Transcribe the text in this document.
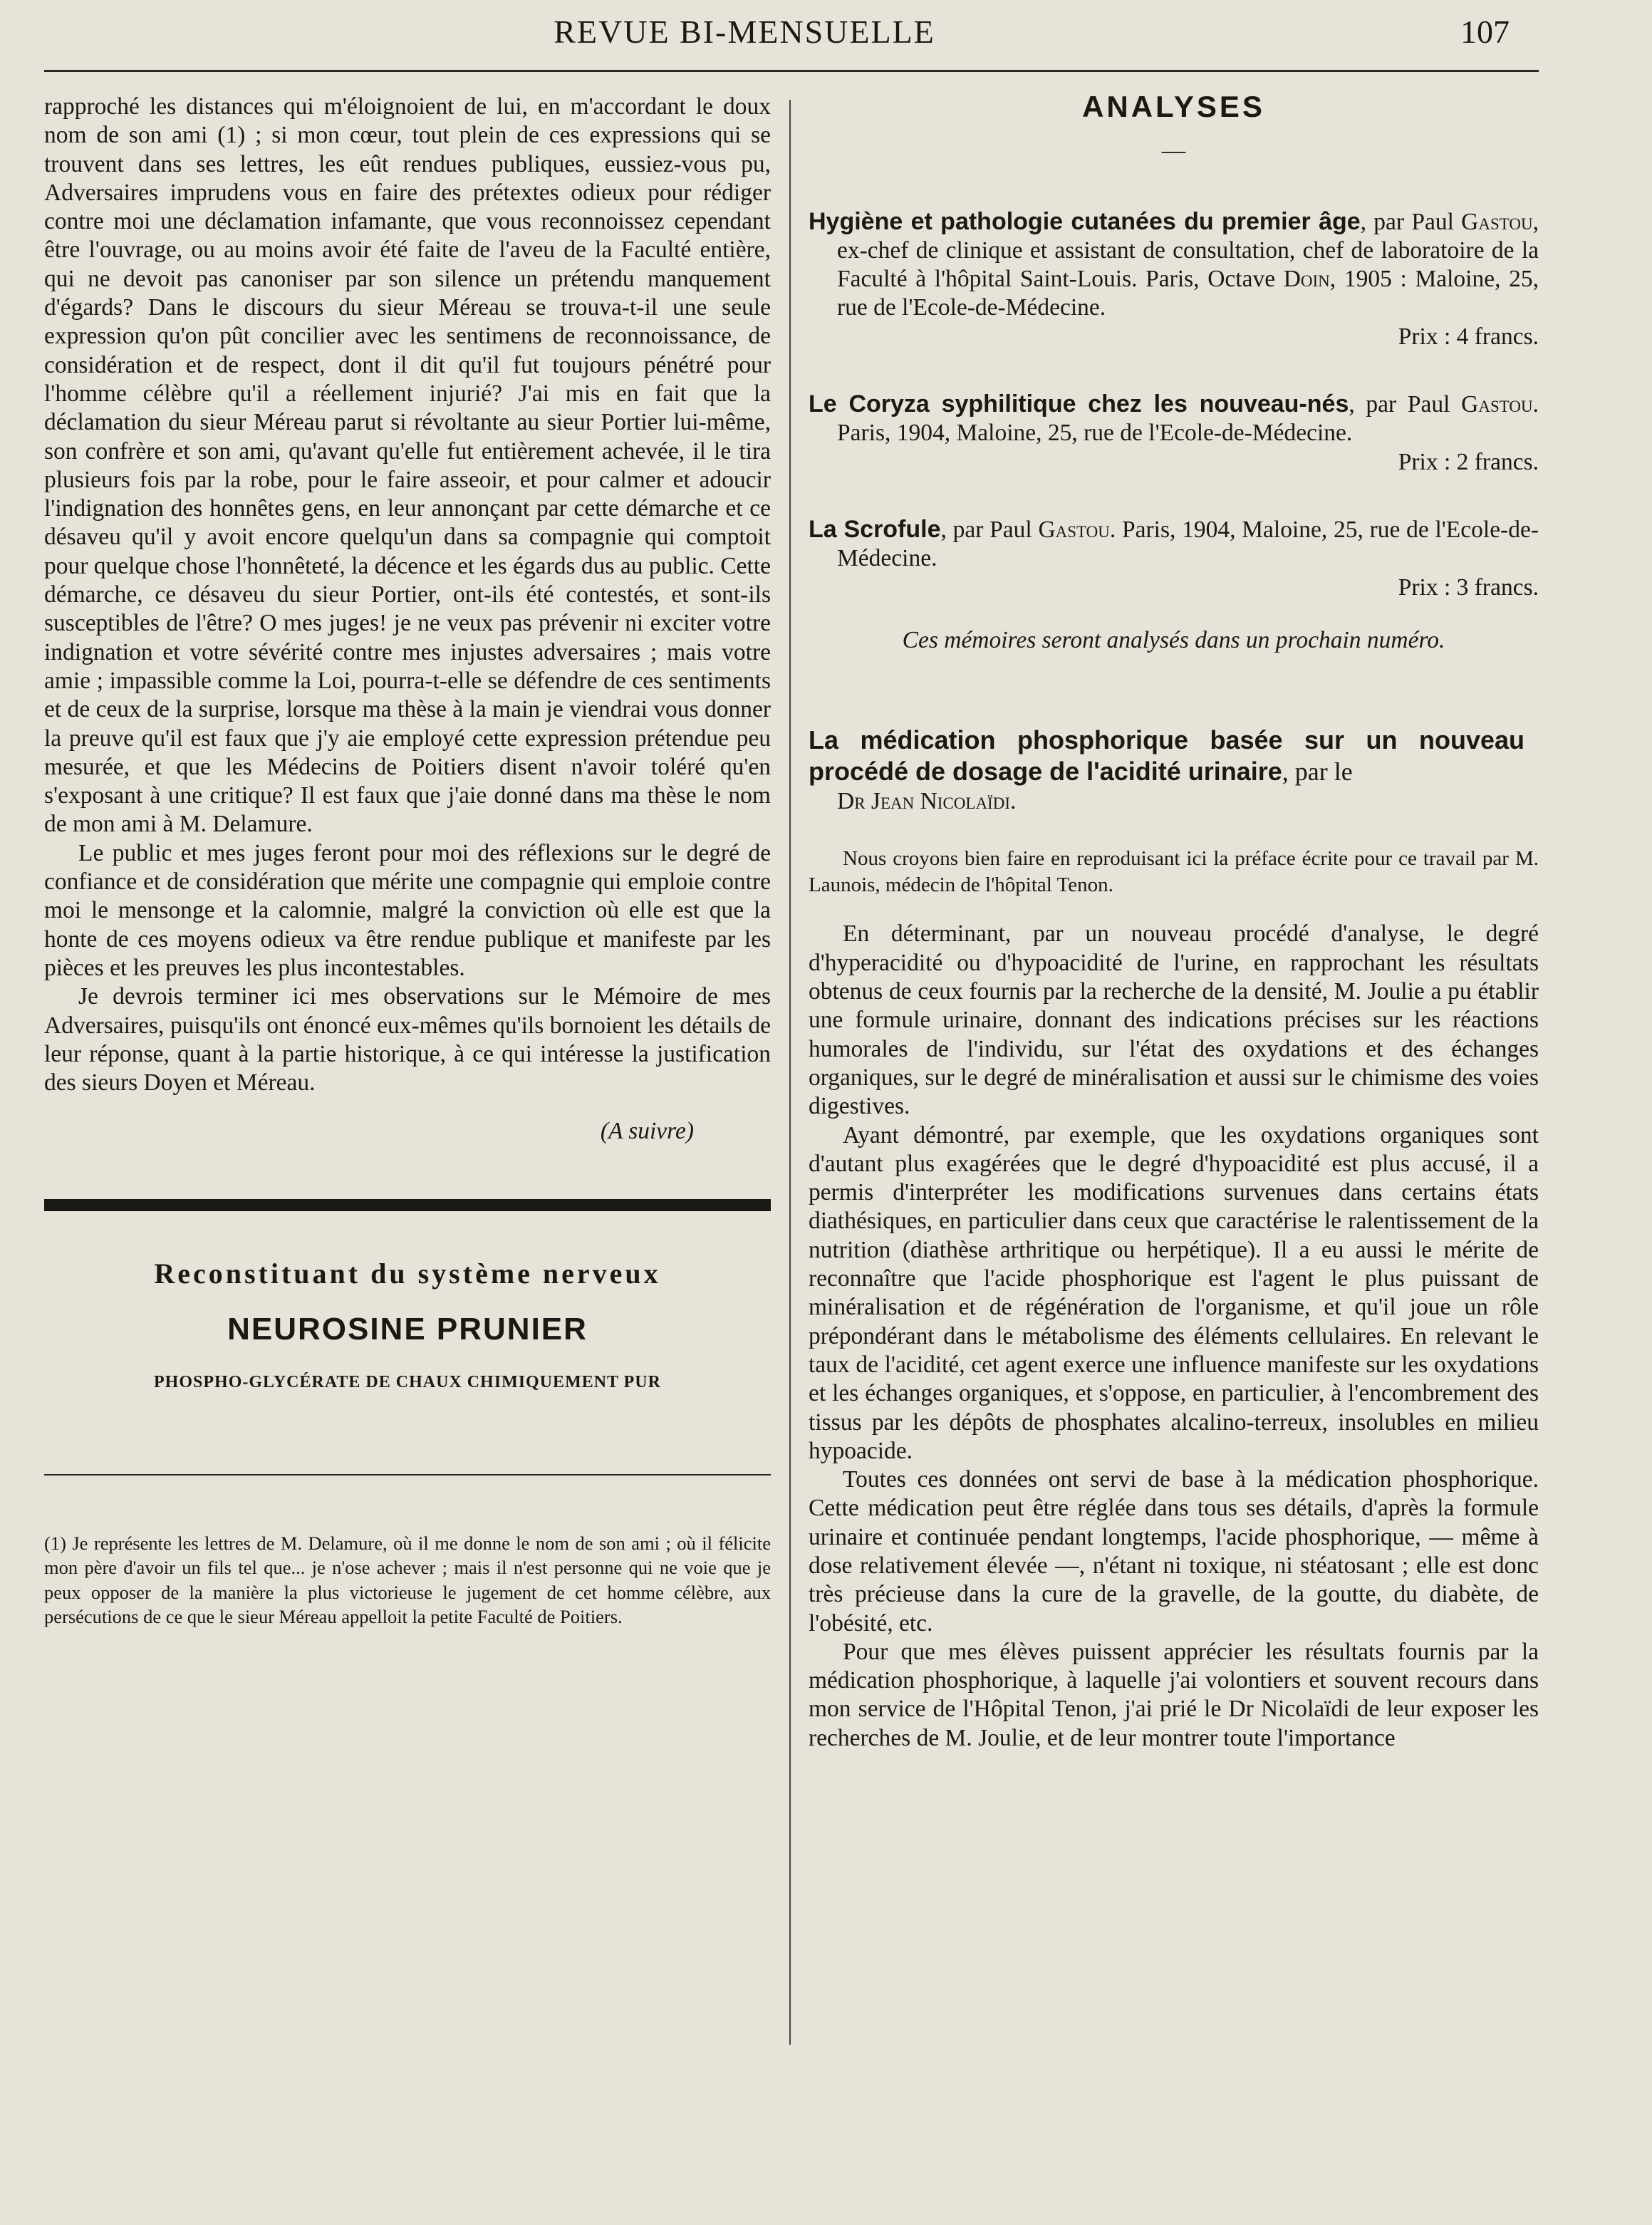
REVUE BI-MENSUELLE	107

rapproché les distances qui m'éloignoient de lui, en m'accordant le doux nom de son ami (1) ; si mon cœur, tout plein de ces expressions qui se trouvent dans ses lettres, les eût rendues publiques, eussiez-vous pu, Adversaires imprudens vous en faire des prétextes odieux pour rédiger contre moi une déclamation infamante, que vous reconnoissez cependant être l'ouvrage, ou au moins avoir été faite de l'aveu de la Faculté entière, qui ne devoit pas canoniser par son silence un prétendu manquement d'égards? Dans le discours du sieur Méreau se trouva-t-il une seule expression qu'on pût concilier avec les sentimens de reconnoissance, de considération et de respect, dont il dit qu'il fut toujours pénétré pour l'homme célèbre qu'il a réellement injurié? J'ai mis en fait que la déclamation du sieur Méreau parut si révoltante au sieur Portier lui-même, son confrère et son ami, qu'avant qu'elle fut entièrement achevée, il le tira plusieurs fois par la robe, pour le faire asseoir, et pour calmer et adoucir l'indignation des honnêtes gens, en leur annonçant par cette démarche et ce désaveu qu'il y avoit encore quelqu'un dans sa compagnie qui comptoit pour quelque chose l'honnêteté, la décence et les égards dus au public. Cette démarche, ce désaveu du sieur Portier, ont-ils été contestés, et sont-ils susceptibles de l'être? O mes juges! je ne veux pas prévenir ni exciter votre indignation et votre sévérité contre mes injustes adversaires ; mais votre amie ; impassible comme la Loi, pourra-t-elle se défendre de ces sentiments et de ceux de la surprise, lorsque ma thèse à la main je viendrai vous donner la preuve qu'il est faux que j'y aie employé cette expression prétendue peu mesurée, et que les Médecins de Poitiers disent n'avoir toléré qu'en s'exposant à une critique? Il est faux que j'aie donné dans ma thèse le nom de mon ami à M. Delamure.

Le public et mes juges feront pour moi des réflexions sur le degré de confiance et de considération que mérite une compagnie qui emploie contre moi le mensonge et la calomnie, malgré la conviction où elle est que la honte de ces moyens odieux va être rendue publique et manifeste par les pièces et les preuves les plus incontestables.

Je devrois terminer ici mes observations sur le Mémoire de mes Adversaires, puisqu'ils ont énoncé eux-mêmes qu'ils bornoient les détails de leur réponse, quant à la partie historique, à ce qui intéresse la justification des sieurs Doyen et Méreau.

(A suivre)
Reconstituant du système nerveux
NEUROSINE PRUNIER
PHOSPHO-GLYCÉRATE DE CHAUX CHIMIQUEMENT PUR
(1) Je représente les lettres de M. Delamure, où il me donne le nom de son ami ; où il félicite mon père d'avoir un fils tel que... je n'ose achever ; mais il n'est personne qui ne voie que je peux opposer de la manière la plus victorieuse le jugement de cet homme célèbre, aux persécutions de ce que le sieur Méreau appelloit la petite Faculté de Poitiers.
ANALYSES
—
Hygiène et pathologie cutanées du premier âge, par Paul Gastou, ex-chef de clinique et assistant de consultation, chef de laboratoire de la Faculté à l'hôpital Saint-Louis. Paris, Octave Doin, 1905 : Maloine, 25, rue de l'Ecole-de-Médecine.
Prix : 4 francs.
Le Coryza syphilitique chez les nouveau-nés, par Paul Gastou. Paris, 1904, Maloine, 25, rue de l'Ecole-de-Médecine.
Prix : 2 francs.
La Scrofule, par Paul Gastou. Paris, 1904, Maloine, 25, rue de l'Ecole-de-Médecine.
Prix : 3 francs.
Ces mémoires seront analysés dans un prochain numéro.
La médication phosphorique basée sur un nouveau procédé de dosage de l'acidité urinaire, par le
Dr Jean Nicolaïdi.
Nous croyons bien faire en reproduisant ici la préface écrite pour ce travail par M. Launois, médecin de l'hôpital Tenon.

En déterminant, par un nouveau procédé d'analyse, le degré d'hyperacidité ou d'hypoacidité de l'urine, en rapprochant les résultats obtenus de ceux fournis par la recherche de la densité, M. Joulie a pu établir une formule urinaire, donnant des indications précises sur les réactions humorales de l'individu, sur l'état des oxydations et des échanges organiques, sur le degré de minéralisation et aussi sur le chimisme des voies digestives.

Ayant démontré, par exemple, que les oxydations organiques sont d'autant plus exagérées que le degré d'hypoacidité est plus accusé, il a permis d'interpréter les modifications survenues dans certains états diathésiques, en particulier dans ceux que caractérise le ralentissement de la nutrition (diathèse arthritique ou herpétique). Il a eu aussi le mérite de reconnaître que l'acide phosphorique est l'agent le plus puissant de minéralisation et de régénération de l'organisme, et qu'il joue un rôle prépondérant dans le métabolisme des éléments cellulaires. En relevant le taux de l'acidité, cet agent exerce une influence manifeste sur les oxydations et les échanges organiques, et s'oppose, en particulier, à l'encombrement des tissus par les dépôts de phosphates alcalino-terreux, insolubles en milieu hypoacide.

Toutes ces données ont servi de base à la médication phosphorique. Cette médication peut être réglée dans tous ses détails, d'après la formule urinaire et continuée pendant longtemps, l'acide phosphorique, — même à dose relativement élevée —, n'étant ni toxique, ni stéatosant ; elle est donc très précieuse dans la cure de la gravelle, de la goutte, du diabète, de l'obésité, etc.

Pour que mes élèves puissent apprécier les résultats fournis par la médication phosphorique, à laquelle j'ai volontiers et souvent recours dans mon service de l'Hôpital Tenon, j'ai prié le Dr Nicolaïdi de leur exposer les recherches de M. Joulie, et de leur montrer toute l'importance
